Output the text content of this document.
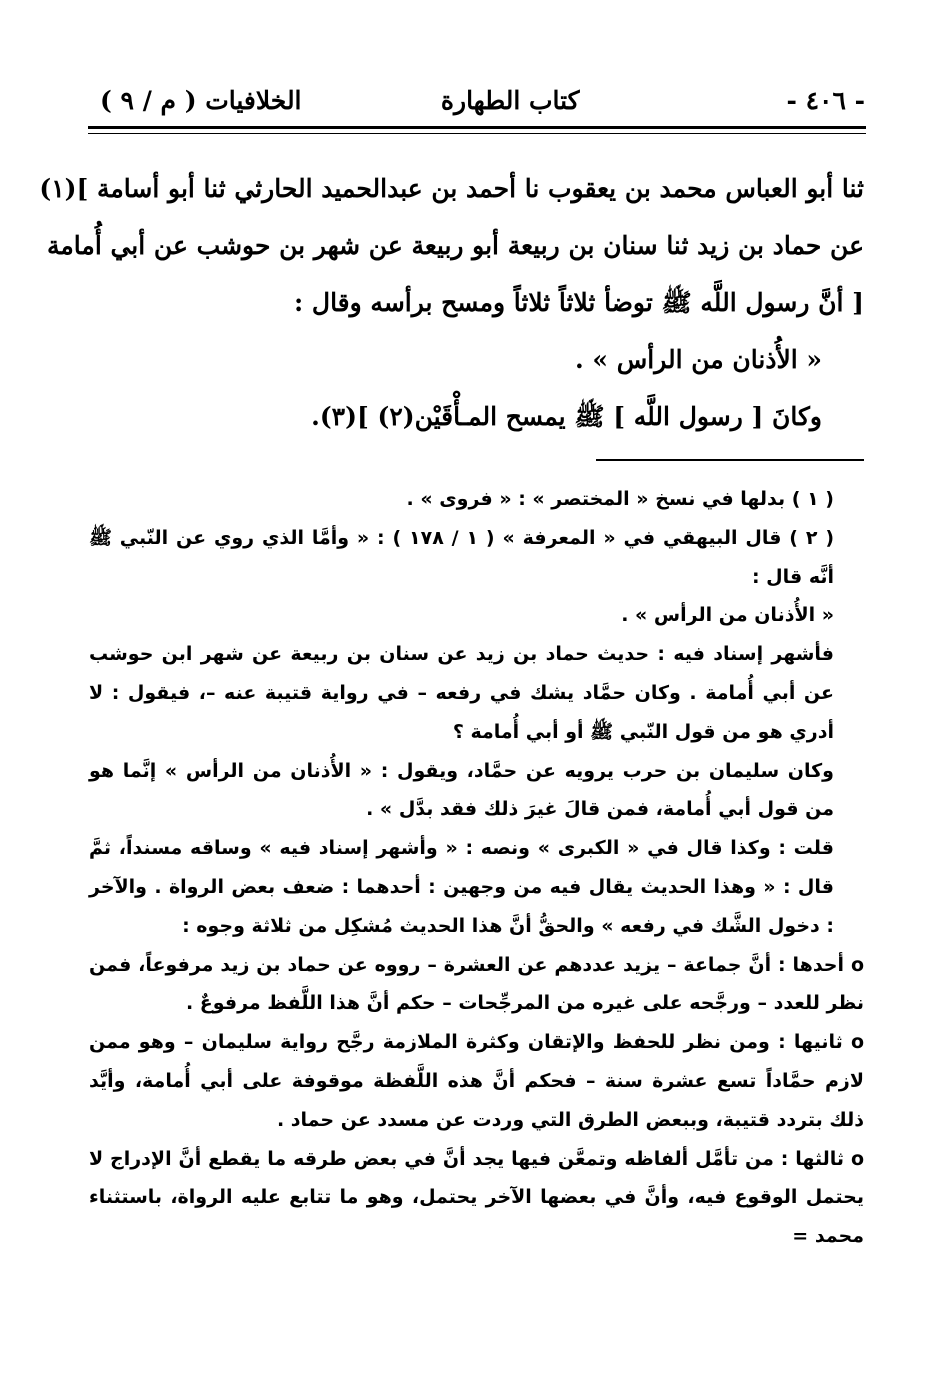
- ٤٠٦ -
كتاب الطهارة
الخلافيات ( م / ٩ )

ثنا أبو العباس محمد بن يعقوب نا أحمد بن عبدالحميد الحارثي ثنا أبو أسامة ](١)

عن حماد بن زيد ثنا سنان بن ربيعة أبو ربيعة عن شهر بن حوشب عن أبي أُمامة

[ أنَّ رسول اللَّه ﷺ توضأ ثلاثاً ثلاثاً ومسح برأسه وقال :

« الأُذنان من الرأس » .

وكانَ [ رسول اللَّه ] ﷺ يمسح المـأْقَيْن(٢) ](٣).

( ١ ) بدلها في نسخ « المختصر » : « فروى » .

( ٢ ) قال البيهقي في « المعرفة » ( ١ / ١٧٨ ) : « وأمَّا الذي روي عن النّبي ﷺ أنَّه قال :

« الأُذنان من الرأس » .

فأشهر إسناد فيه : حديث حماد بن زيد عن سنان بن ربيعة عن شهر ابن حوشب عن أبي أُمامة . وكان حمَّاد يشك في رفعه – في رواية قتيبة عنه –، فيقول : لا أدري هو من قول النّبي ﷺ أو أبي أُمامة ؟

وكان سليمان بن حرب يرويه عن حمَّاد، ويقول : « الأُذنان من الرأس » إنَّما هو من قول أبي أُمامة، فمن قالَ غيرَ ذلك فقد بدَّل » .

قلت : وكذا قال في « الكبرى » ونصه : « وأشهر إسناد فيه » وساقه مسنداً، ثمَّ قال : « وهذا الحديث يقال فيه من وجهين : أحدهما : ضعف بعض الرواة . والآخر : دخول الشَّك في رفعه » والحقُّ أنَّ هذا الحديث مُشكِل من ثلاثة وجوه :

o أحدها : أنَّ جماعة – يزيد عددهم عن العشرة – رووه عن حماد بن زيد مرفوعاً، فمن نظر للعدد – ورجَّحه على غيره من المرجِّحات – حكم أنَّ هذا اللَّفظ مرفوعٌ .

o ثانيها : ومن نظر للحفظ والإتقان وكثرة الملازمة رجَّح رواية سليمان – وهو ممن لازم حمَّاداً تسع عشرة سنة – فحكم أنَّ هذه اللَّفظة موقوفة على أبي أُمامة، وأيَّد ذلك بتردد قتيبة، وببعض الطرق التي وردت عن مسدد عن حماد .

o ثالثها : من تأمَّل ألفاظه وتمعَّن فيها يجد أنَّ في بعض طرقه ما يقطع أنَّ الإدراج لا يحتمل الوقوع فيه، وأنَّ في بعضها الآخر يحتمل، وهو ما تتابع عليه الرواة، باستثناء محمد =
